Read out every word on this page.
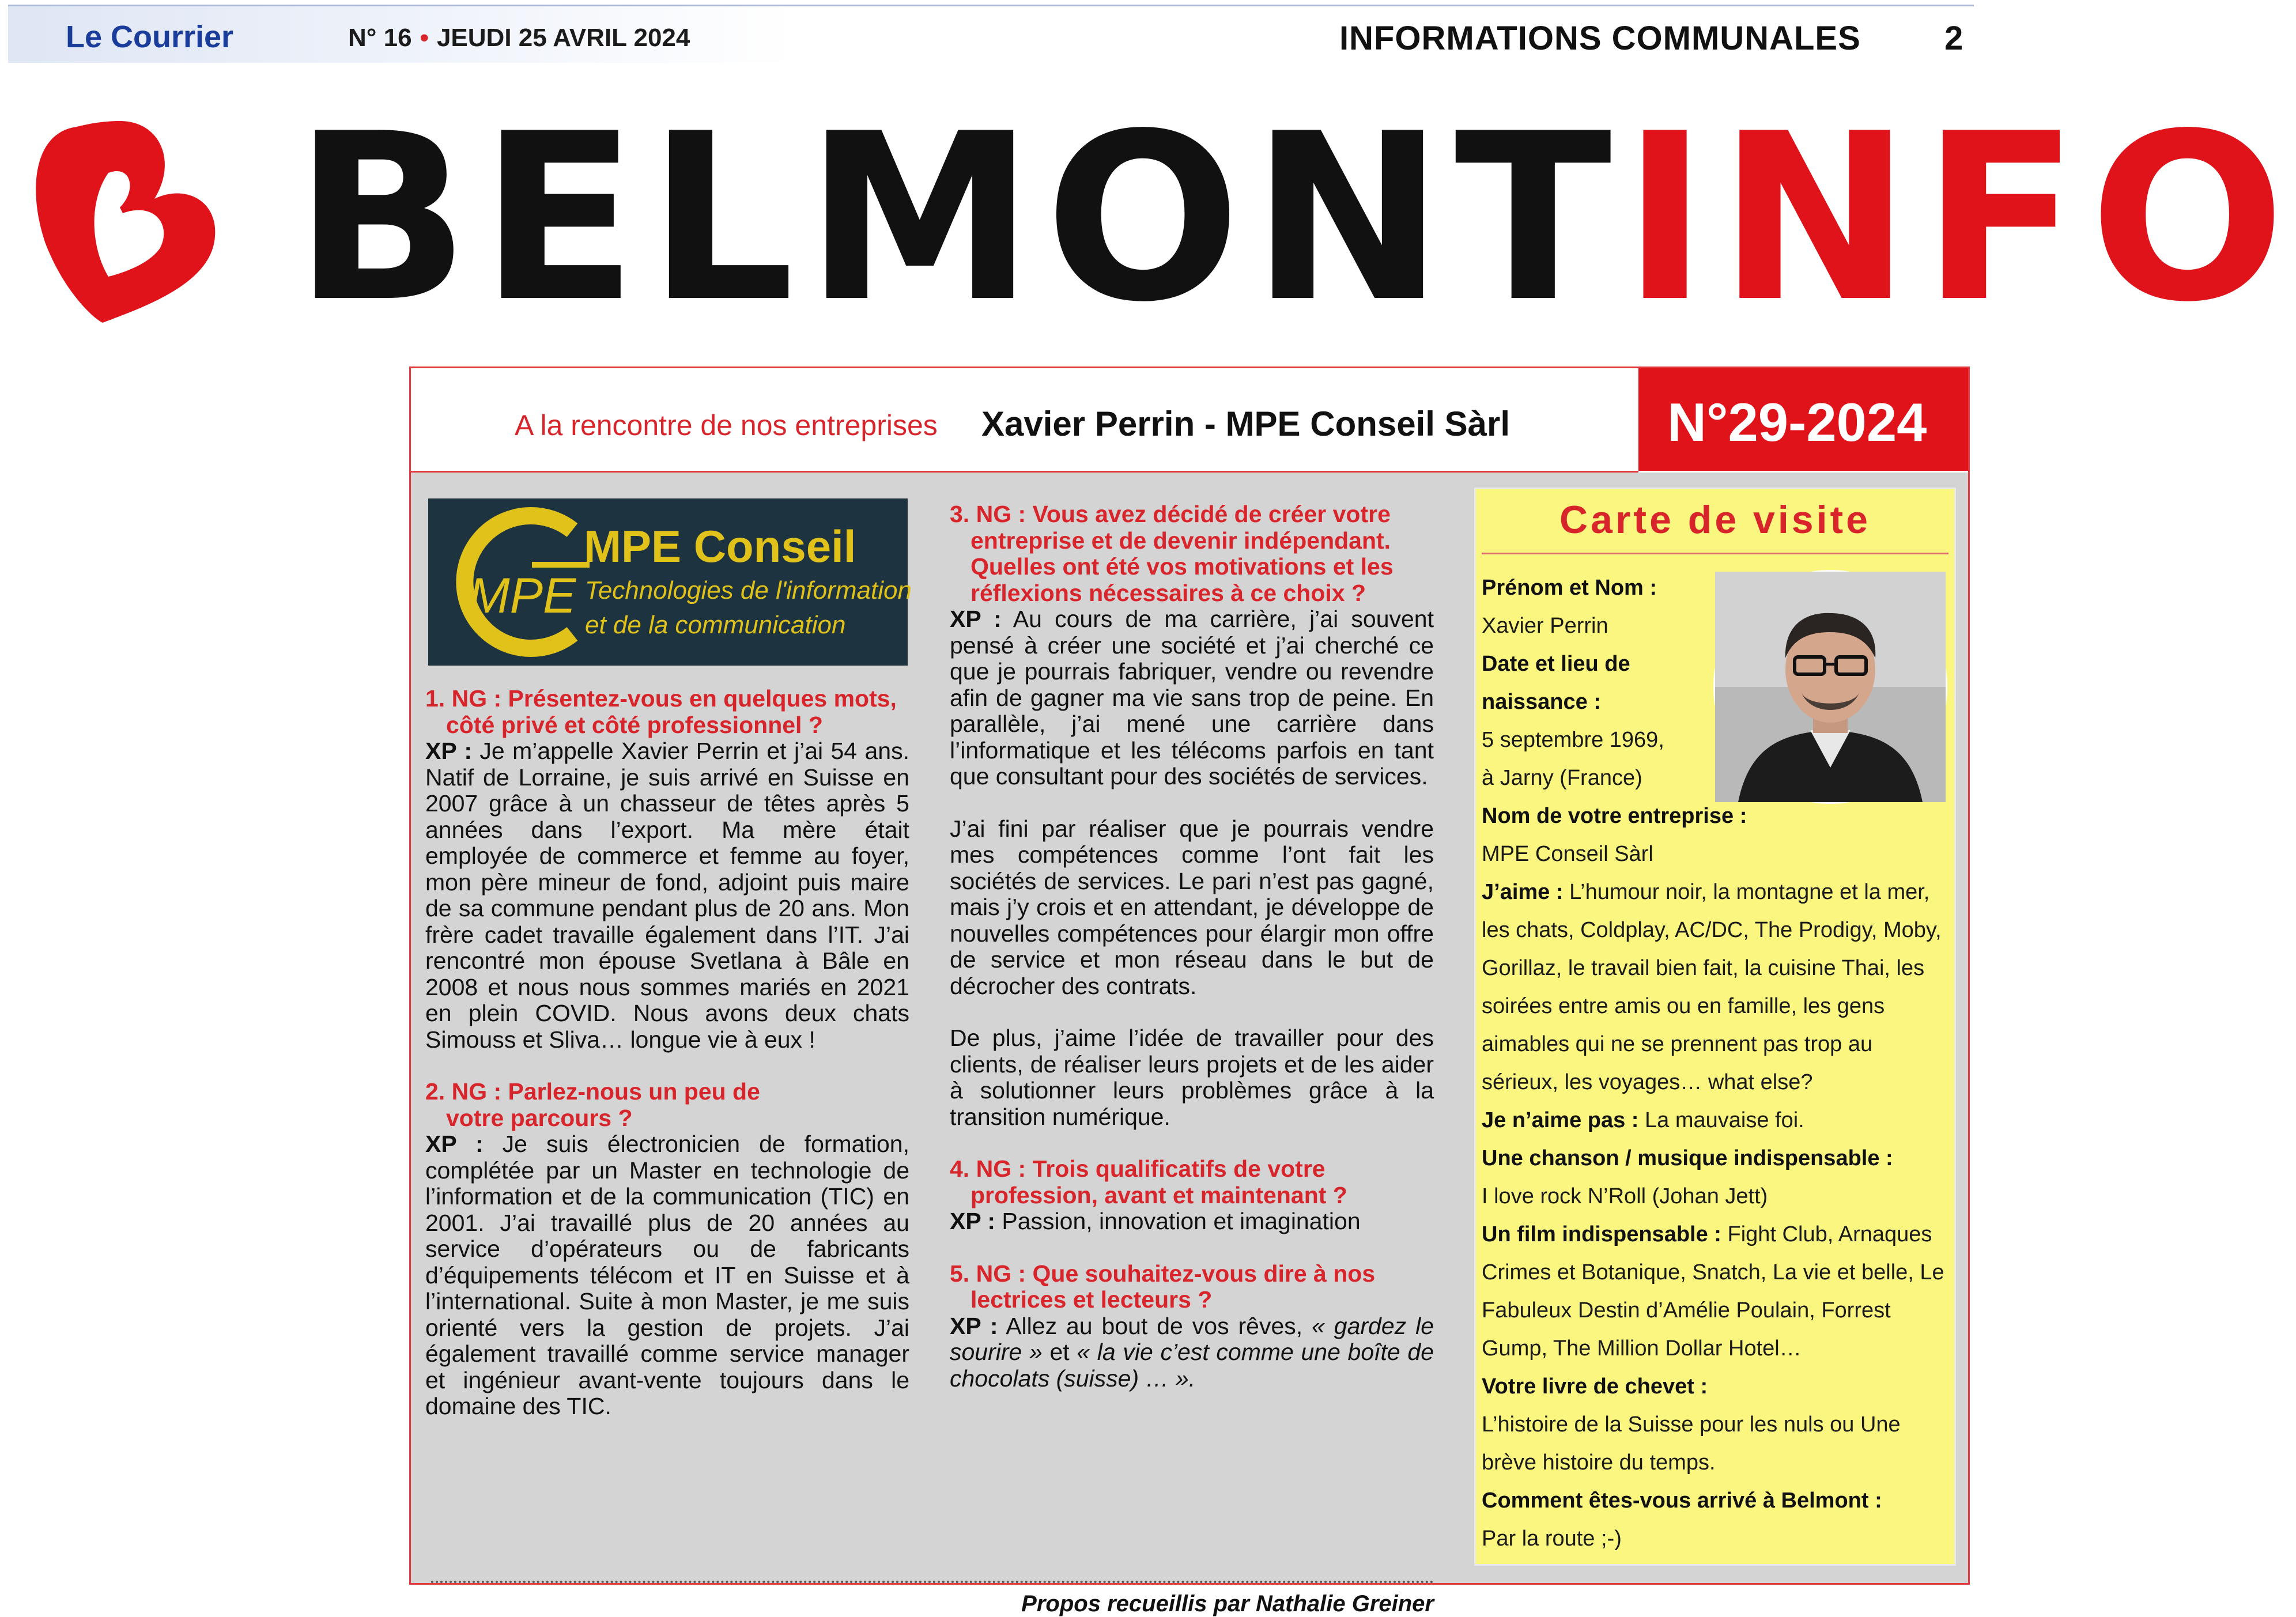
Le Courrier	N° 16 • JEUDI 25 AVRIL 2024	INFORMATIONS COMMUNALES	2
BELMONTINFO
A la rencontre de nos entreprises Xavier Perrin - MPE Conseil Sàrl	N°29-2024
MPE
MPE Conseil
Technologies de l'information
et de la communication
1. NG : Présentez-vous en quelques mots, côté privé et côté professionnel ?

XP : Je m’appelle Xavier Perrin et j’ai 54 ans. Natif de Lorraine, je suis arrivé en Suisse en 2007 grâce à un chasseur de têtes après 5 années dans l’export. Ma mère était employée de commerce et femme au foyer, mon père mineur de fond, adjoint puis maire de sa commune pendant plus de 20 ans. Mon frère cadet travaille également dans l’IT. J’ai rencontré mon épouse Svetlana à Bâle en 2008 et nous nous sommes mariés en 2021 en plein COVID. Nous avons deux chats Simouss et Sliva… longue vie à eux !

2. NG : Parlez-nous un peu de votre parcours ?

XP : Je suis électronicien de formation, complétée par un Master en technologie de l’information et de la communication (TIC) en 2001. J’ai travaillé plus de 20 années au service d’opérateurs ou de fabricants d’équipements télécom et IT en Suisse et à l’international. Suite à mon Master, je me suis orienté vers la gestion de projets. J’ai également travaillé comme service manager et ingénieur avant-vente toujours dans le domaine des TIC.

3. NG : Vous avez décidé de créer votre entreprise et de devenir indépendant. Quelles ont été vos motivations et les réflexions nécessaires à ce choix ?

XP : Au cours de ma carrière, j’ai souvent pensé à créer une société et j’ai cherché ce que je pourrais fabriquer, vendre ou revendre afin de gagner ma vie sans trop de peine. En parallèle, j’ai mené une carrière dans l’informatique et les télécoms parfois en tant que consultant pour des sociétés de services.

J’ai fini par réaliser que je pourrais vendre mes compétences comme l’ont fait les sociétés de services. Le pari n’est pas gagné, mais j’y crois et en attendant, je développe de nouvelles compétences pour élargir mon offre de service et mon réseau dans le but de décrocher des contrats.

De plus, j’aime l’idée de travailler pour des clients, de réaliser leurs projets et de les aider à solutionner leurs problèmes grâce à la transition numérique.

4. NG : Trois qualificatifs de votre profession, avant et maintenant ?

XP : Passion, innovation et imagination

5. NG : Que souhaitez-vous dire à nos lectrices et lecteurs ?

XP : Allez au bout de vos rêves, « gardez le sourire » et « la vie c’est comme une boîte de chocolats (suisse) … ».

Propos recueillis par Nathalie Greiner
Carte de visite
Prénom et Nom :
Xavier Perrin
Date et lieu de naissance :
5 septembre 1969,
à Jarny (France)
Nom de votre entreprise :
MPE Conseil Sàrl
J’aime : L’humour noir, la montagne et la mer, les chats, Coldplay, AC/DC, The Prodigy, Moby, Gorillaz, le travail bien fait, la cuisine Thai, les soirées entre amis ou en famille, les gens aimables qui ne se prennent pas trop au sérieux, les voyages… what else?
Je n’aime pas : La mauvaise foi.
Une chanson / musique indispensable :
I love rock N’Roll (Johan Jett)
Un film indispensable : Fight Club, Arnaques Crimes et Botanique, Snatch, La vie et belle, Le Fabuleux Destin d’Amélie Poulain, Forrest Gump, The Million Dollar Hotel…
Votre livre de chevet :
L’histoire de la Suisse pour les nuls ou Une brève histoire du temps.
Comment êtes-vous arrivé à Belmont :
Par la route ;-)
